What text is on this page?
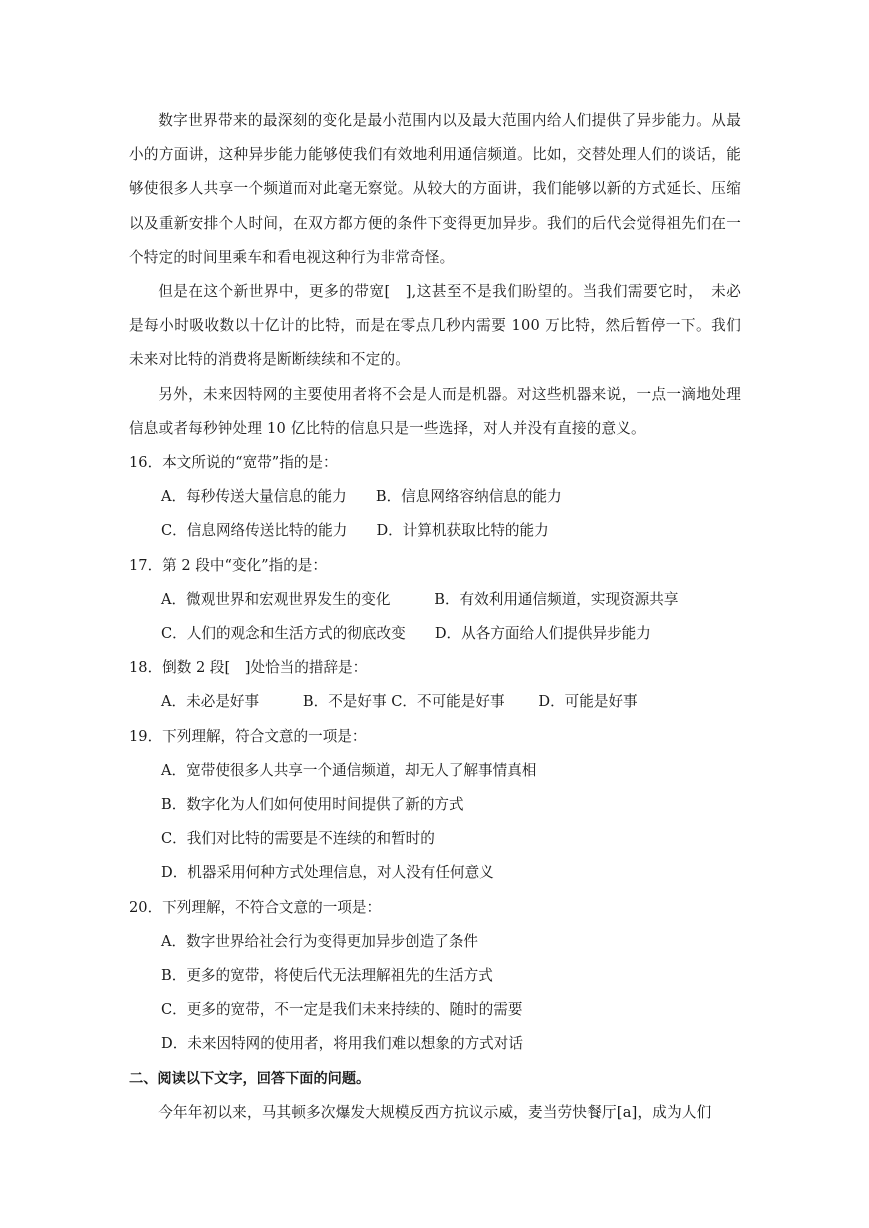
数字世界带来的最深刻的变化是最小范围内以及最大范围内给人们提供了异步能力。从最小的方面讲，这种异步能力能够使我们有效地利用通信频道。比如，交替处理人们的谈话，能够使很多人共享一个频道而对此毫无察觉。从较大的方面讲，我们能够以新的方式延长、压缩以及重新安排个人时间，在双方都方便的条件下变得更加异步。我们的后代会觉得祖先们在一个特定的时间里乘车和看电视这种行为非常奇怪。

但是在这个新世界中，更多的带宽[　],这甚至不是我们盼望的。当我们需要它时，　未必是每小时吸收数以十亿计的比特，而是在零点几秒内需要 100 万比特，然后暂停一下。我们未来对比特的消费将是断断续续和不定的。

另外，未来因特网的主要使用者将不会是人而是机器。对这些机器来说，一点一滴地处理信息或者每秒钟处理 10 亿比特的信息只是一些选择，对人并没有直接的意义。

16．本文所说的“宽带”指的是：

A．每秒传送大量信息的能力　　B．信息网络容纳信息的能力

C．信息网络传送比特的能力　　D．计算机获取比特的能力

17．第 2 段中“变化”指的是：

A．微观世界和宏观世界发生的变化　　　B．有效利用通信频道，实现资源共享

C．人们的观念和生活方式的彻底改变　　D．从各方面给人们提供异步能力

18．倒数 2 段[　]处恰当的措辞是：

A．未必是好事　　　B．不是好事 C．不可能是好事　　 D．可能是好事

19．下列理解，符合文意的一项是：

A．宽带使很多人共享一个通信频道，却无人了解事情真相

B．数字化为人们如何使用时间提供了新的方式

C．我们对比特的需要是不连续的和暂时的

D．机器采用何种方式处理信息，对人没有任何意义

20．下列理解，不符合文意的一项是：

A．数字世界给社会行为变得更加异步创造了条件

B．更多的宽带，将使后代无法理解祖先的生活方式

C．更多的宽带，不一定是我们未来持续的、随时的需要

D．未来因特网的使用者，将用我们难以想象的方式对话

二、阅读以下文字，回答下面的问题。

今年年初以来，马其顿多次爆发大规模反西方抗议示威，麦当劳快餐厅[a]，成为人们
